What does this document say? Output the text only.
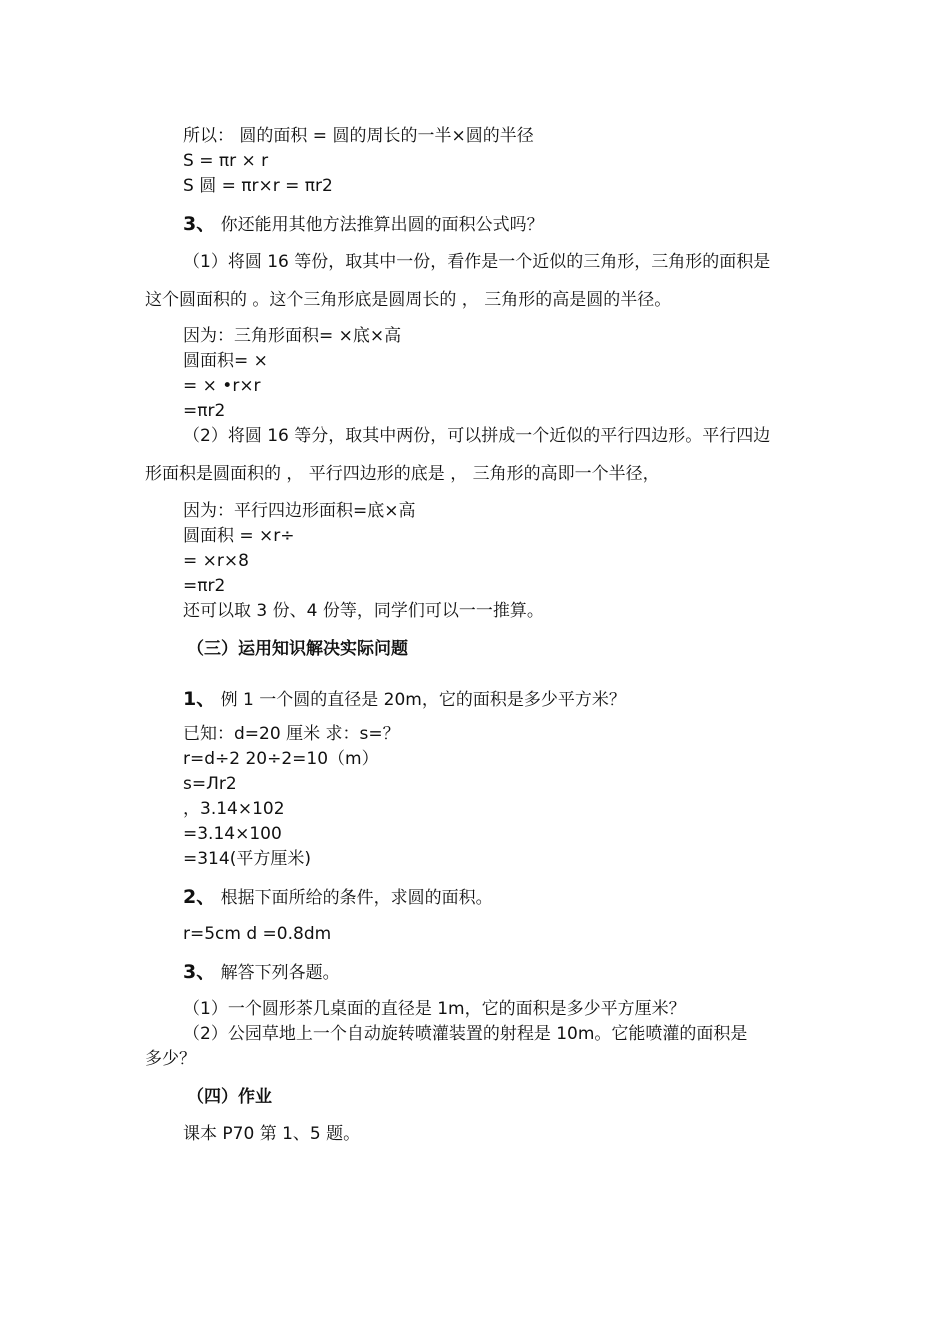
所以： 圆的面积 = 圆的周长的一半×圆的半径
S = πr × r
S 圆 = πr×r = πr2
3、 你还能用其他方法推算出圆的面积公式吗？
（1）将圆 16 等份，取其中一份，看作是一个近似的三角形，三角形的面积是
这个圆面积的 。这个三角形底是圆周长的 ， 三角形的高是圆的半径。
因为：三角形面积= ×底×高
圆面积= ×
= × •r×r
=πr2
（2）将圆 16 等分，取其中两份，可以拼成一个近似的平行四边形。平行四边
形面积是圆面积的 ， 平行四边形的底是 ， 三角形的高即一个半径，
因为：平行四边形面积=底×高
圆面积 = ×r÷
= ×r×8
=πr2
还可以取 3 份、4 份等，同学们可以一一推算。
（三）运用知识解决实际问题
1、 例 1 一个圆的直径是 20m，它的面积是多少平方米？
已知：d=20 厘米 求：s=？
r=d÷2 20÷2=10（m）
s=Лr2
，3.14×102
=3.14×100
=314(平方厘米)
2、 根据下面所给的条件，求圆的面积。
r=5cm d =0.8dm
3、 解答下列各题。
（1）一个圆形茶几桌面的直径是 1m，它的面积是多少平方厘米？
（2）公园草地上一个自动旋转喷灌装置的射程是 10m。它能喷灌的面积是
多少？
（四）作业
课本 P70 第 1、5 题。
